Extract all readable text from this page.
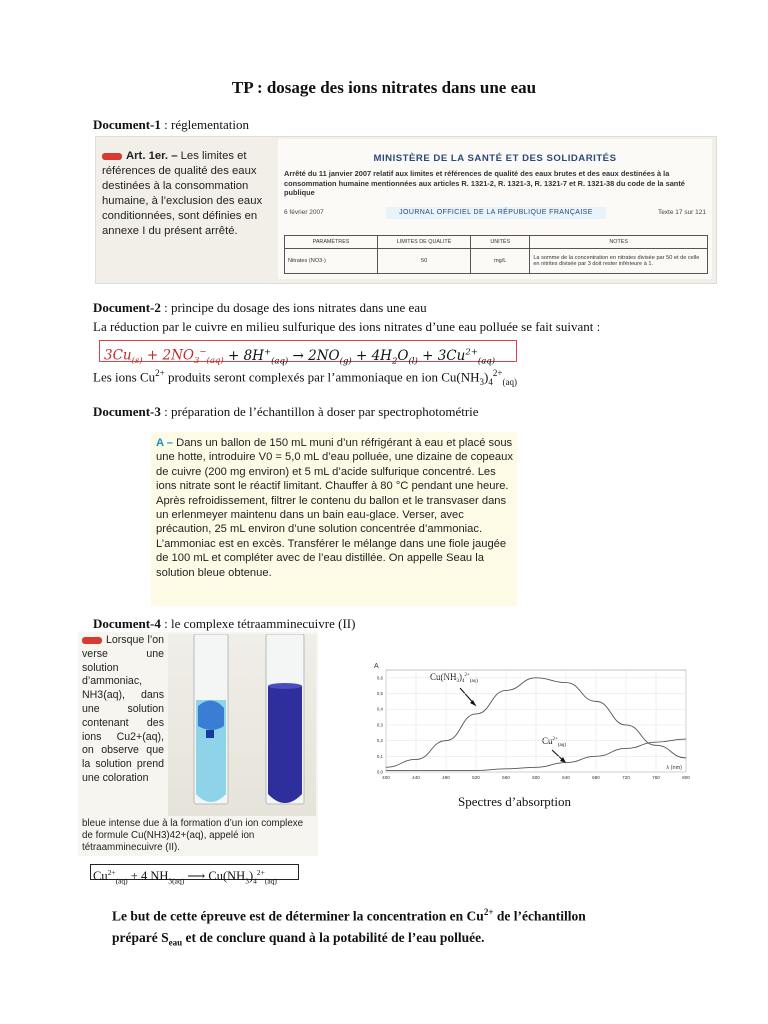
TP : dosage des ions nitrates dans une eau
Document-1 : réglementation
Art. 1er. – Les limites et références de qualité des eaux destinées à la consommation humaine, à l’exclusion des eaux conditionnées, sont définies en annexe I du présent arrêté.
MINISTÈRE DE LA SANTÉ ET DES SOLIDARITÉS
Arrêté du 11 janvier 2007 relatif aux limites et références de qualité des eaux brutes et des eaux destinées à la consommation humaine mentionnées aux articles R. 1321-2, R. 1321-3, R. 1321-7 et R. 1321-38 du code de la santé publique
6 février 2007	JOURNAL OFFICIEL DE LA RÉPUBLIQUE FRANÇAISE	Texte 17 sur 121
PARAMÈTRES	LIMITES DE QUALITÉ	UNITÉS	NOTES
Nitrates (NO3-)	50	mg/L	La somme de la concentration en nitrates divisée par 50 et de celle en nitrites divisée par 3 doit rester inférieure à 1.
Document-2 : principe du dosage des ions nitrates dans une eau
La réduction par le cuivre en milieu sulfurique des ions nitrates d’une eau polluée se fait suivant :
$3Cu_{(s)} + 2NO_3^-_{(aq)} + 8H^+_{(aq)} \to 2NO_{(g)} + 4H_2O_{(l)} + 3Cu^{2+}_{(aq)}$
Les ions $Cu^{2+}$ produits seront complexés par l’ammoniaque en ion $Cu(NH_3)_4^{2+}_{(aq)}$
Document-3 : préparation de l’échantillon à doser par spectrophotométrie
A – Dans un ballon de 150 mL muni d’un réfrigérant à eau et placé sous une hotte, introduire V0 = 5,0 mL d’eau polluée, une dizaine de copeaux de cuivre (200 mg environ) et 5 mL d’acide sulfurique concentré. Les ions nitrate sont le réactif limitant. Chauffer à 80 °C pendant une heure. Après refroidissement, filtrer le contenu du ballon et le transvaser dans un erlenmeyer maintenu dans un bain eau-glace. Verser, avec précaution, 25 mL environ d’une solution concentrée d’ammoniac. L’ammoniac est en excès. Transférer le mélange dans une fiole jaugée de 100 mL et compléter avec de l’eau distillée. On appelle Seau la solution bleue obtenue.
Document-4 : le complexe tétraamminecuivre (II)
Lorsque l’on verse une solution d’ammoniac, NH3(aq), dans une solution contenant des ions Cu2+(aq), on observe que la solution prend une coloration
bleue intense due à la formation d’un ion complexe de formule Cu(NH3)42+(aq), appelé ion tétraamminecuivre (II).
$Cu^{2+}_{(aq)} + 4$ $NH_{3(aq)}$ ⟶ $Cu(NH_3)_4^{2+}_{(aq)}$
A
λ (nm)
$Cu(NH_3)_4^{2+}_{(aq)}$
$Cu^{2+}_{(aq)}$
400	440	480	520	560	600	640	680	720	760	800
0,0
0,1
0,2
0,3
0,4
0,5
0,6
Spectres d’absorption
Le but de cette épreuve est de déterminer la concentration en $Cu^{2+}$ de l’échantillon
préparé $S_{eau}$ et de conclure quand à la potabilité de l’eau polluée.
